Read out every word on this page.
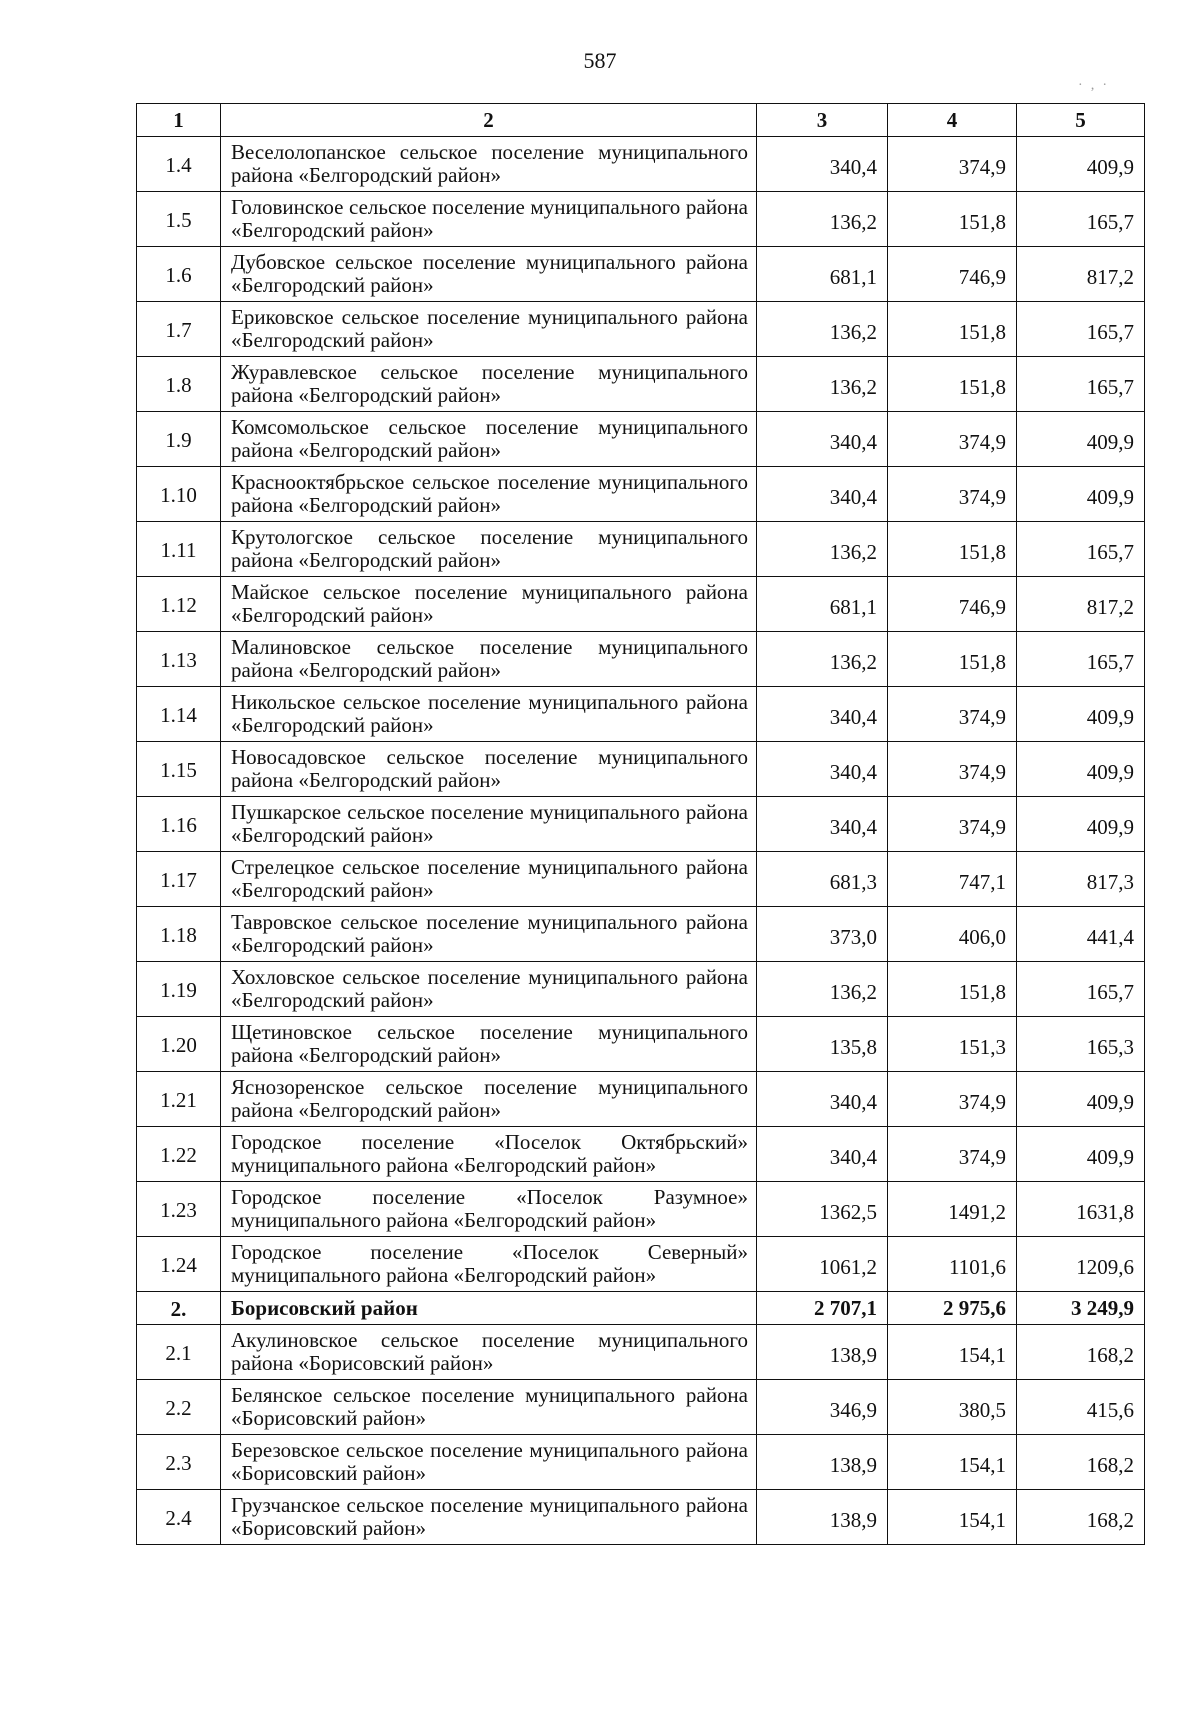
587
· ‚ ·
1	2	3	4	5
1.4	Веселолопанское сельское поселение муниципального района «Белгородский район»	340,4	374,9	409,9
1.5	Головинское сельское поселение муниципального района «Белгородский район»	136,2	151,8	165,7
1.6	Дубовское сельское поселение муниципального района «Белгородский район»	681,1	746,9	817,2
1.7	Ериковское сельское поселение муниципального района «Белгородский район»	136,2	151,8	165,7
1.8	Журавлевское сельское поселение муниципального района «Белгородский район»	136,2	151,8	165,7
1.9	Комсомольское сельское поселение муниципального района «Белгородский район»	340,4	374,9	409,9
1.10	Краснооктябрьское сельское поселение муниципального района «Белгородский район»	340,4	374,9	409,9
1.11	Крутологское сельское поселение муниципального района «Белгородский район»	136,2	151,8	165,7
1.12	Майское сельское поселение муниципального района «Белгородский район»	681,1	746,9	817,2
1.13	Малиновское сельское поселение муниципального района «Белгородский район»	136,2	151,8	165,7
1.14	Никольское сельское поселение муниципального района «Белгородский район»	340,4	374,9	409,9
1.15	Новосадовское сельское поселение муниципального района «Белгородский район»	340,4	374,9	409,9
1.16	Пушкарское сельское поселение муниципального района «Белгородский район»	340,4	374,9	409,9
1.17	Стрелецкое сельское поселение муниципального района «Белгородский район»	681,3	747,1	817,3
1.18	Тавровское сельское поселение муниципального района «Белгородский район»	373,0	406,0	441,4
1.19	Хохловское сельское поселение муниципального района «Белгородский район»	136,2	151,8	165,7
1.20	Щетиновское сельское поселение муниципального района «Белгородский район»	135,8	151,3	165,3
1.21	Яснозоренское сельское поселение муниципального района «Белгородский район»	340,4	374,9	409,9
1.22	Городское поселение «Поселок Октябрьский» муниципального района «Белгородский район»	340,4	374,9	409,9
1.23	Городское поселение «Поселок Разумное» муниципального района «Белгородский район»	1362,5	1491,2	1631,8
1.24	Городское поселение «Поселок Северный» муниципального района «Белгородский район»	1061,2	1101,6	1209,6
2.	Борисовский район	2 707,1	2 975,6	3 249,9
2.1	Акулиновское сельское поселение муниципального района «Борисовский район»	138,9	154,1	168,2
2.2	Белянское сельское поселение муниципального района «Борисовский район»	346,9	380,5	415,6
2.3	Березовское сельское поселение муниципального района «Борисовский район»	138,9	154,1	168,2
2.4	Грузчанское сельское поселение муниципального района «Борисовский район»	138,9	154,1	168,2
